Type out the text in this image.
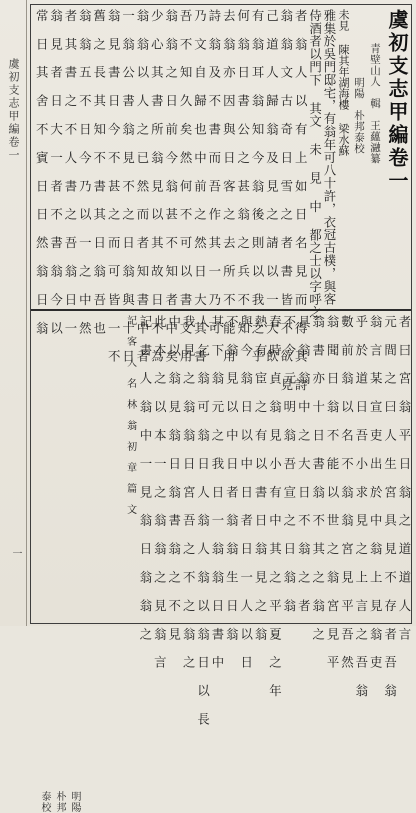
虞初支志甲編卷一
一
虞初支志甲編卷一
青壁山人　輯　王蘊瀜纂
明陽　朴邦泰校
未見 陳其年湖海樓 梁水蘇
雅集於吳門邸宅，有翁年可八十許，衣冠古樸，與客
侍酒者以門下 其文 未 見 中 都之士以字呼之
者 翁 人 以 有 上 如 日 名 見 而 得 其 詩
翁 翁 文 古 奇 日 雪 之 者 書 皆 不 欲 見
己 道 人 歸 翁 及 見 之 請 以 一 大 飲
有 翁 耳 翁 知 今 翁 後 則 以 我 之 乎
何 翁 日 書 公 之 甚 翁 之 兵 不 知
去 翁 亦 因 與 日 客 之 去 所 不 能 用
詩 翁 及 不 書 而 吾 作 其 一 乃 可
乃 文 自 歸 也 中 前 之 然 日 大 其 書
吾 不 知 久 矣 然 何 不 可 以 書 文 用
翁 翁 之 日 前 今 翁 甚 不 知 者 中 矣
少 心 其 書 所 翁 見 以 其 故 日 不 為
翁 翁 以 人 之 已 然 而 者 知 書 中 者
一 翁 公 書 翁 見 不 之 日 翁 與 十 日
翁 見 書 日 今 不 甚 之 而 可 皆 一 不
舊 之 長 其 知 不 書 其 日 翁 吾 也
翁 翁 五 不 日 今 乃 以 一 之 中 然
者 其 書 之 不 人 書 之 吾 翁 日 一
翁 見 者 日 大 一 者 不 書 翁 今 以
常 日 其 舍 不 賓 日 日 然 翁 日 翁
者 曰 宮 翁 平 日 翁 之 道 道 人 言
元 間 之 曰 人 生 宮 具 見 不 存 者 吾 翁
翁 言 某 宣 吏 出 於 中 翁 上 見 翁 吏
乎 於 道 日 吾 小 求 見 之 上 言 之 吾 翁
數 前 翁 以 名 不 翁 翁 宮 見 平 吾 然
翁 聞 日 翁 不 能 以 世 之 翁 宮 見 平
翁 書 亦 十 日 書 翁 不 其 之 翁 之
具 翁 翁 中 之 大 日 不 翁 之 者
不 今 元 明 翁 吾 宣 之 日 翁 翁
春 時 貞 翁 見 小 有 中 其 之 平 夏 之 年
熱 有 宦 之 有 以 書 日 翁 見 之 翁
與 今 翁 日 以 中 日 者 日 一 人 以 日
不 翁 見 以 中 日 者 翁 翁 生 日 翁
其 下 翁 元 之 我 日 一 翁 翁 日 書 中
人 乞 翁 可 翁 日 人 翁 人 翁 以 翁 日 以 長
我 見 之 翁 翁 日 宮 吾 之 不 之 翁 之
中 以 翁 見 翁 日 翁 書 翁 之 不 見
此 本 之 以 本 一 之 翁 翁 之 見 翁 言
記 書 人 翁 中 一 見 翁 日 翁 翁 之
記 客 人 名 林 翁 初 章 篇 文
明陽　朴邦泰校
